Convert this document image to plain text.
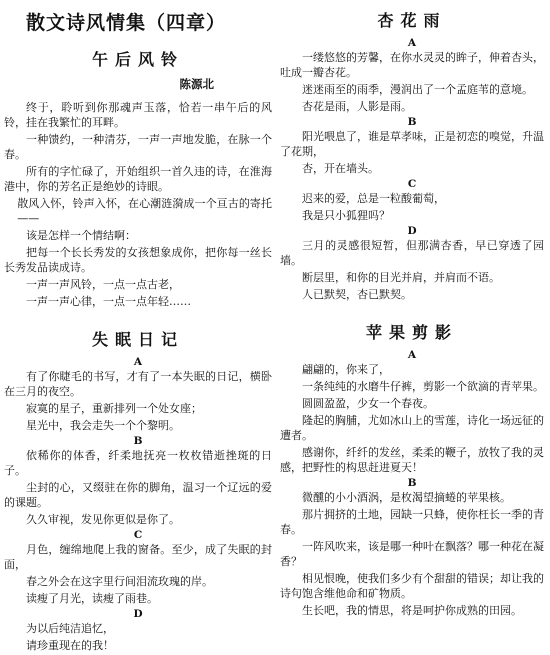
散文诗风情集（四章）
午后风铃
陈源北

终于，聆听到你那魂声玉落，恰若一串午后的风铃，挂在我繁忙的耳畔。

一种馈约，一种清芬，一声一声地发脆，在脉一个春。

所有的字忙碌了，开始组织一首久违的诗，在淮海港中，你的芳名正是绝妙的诗眼。

散风入怀，铃声入怀，在心潮涟漪成一个亘古的寄托——

该是怎样一个情结啊：

把每一个长长秀发的女孩想象成你，把你每一丝长长秀发品读成诗。

一声一声风铃，一点一点古老，

一声一声心律，一点一点年轻……

失眠日记
A

有了你睫毛的书写，才有了一本失眠的日记，横卧在三月的夜空。

寂寞的星子，重新排列一个处女座；

星光中，我会走失一个个黎明。

B

依稀你的体香，纤柔地抚亮一枚枚错逝挫斑的日子。

尘封的心，又缀驻在你的脚角，温习一个辽远的爱的课题。

久久审视，发见你更似是你了。

C

月色，缠绵地爬上我的窗备。至少，成了失眠的封面，

春之外会在这字里行间泪流玫瑰的岸。

读瘦了月光，读瘦了雨巷。

D

为以后纯洁追忆，

请珍重现在的我！

杏花雨
A

一缕悠悠的芳馨，在你水灵灵的眸子，伸着杏头，吐成一瓣杏花。

迷迷雨至的雨季，漫润出了一个孟庭苇的意境。

杏花是雨，人影是雨。

B

阳光喂息了，谁是草孝味，正是初恋的嗅觉，升温了花期，

杏，开在墙头。

C

迟来的爱，总是一粒酸葡萄，

我是只小狐狸吗？

D

三月的灵感很短暂，但那满杏香，早已穿透了园墙。

断层里，和你的目光并肩，并肩而不语。

人已默契，杏已默契。

苹果剪影
A

翩翩的，你来了，

一条纯纯的水磨牛仔裤，剪影一个欲滴的青苹果。

圆圆盈盈，少女一个春夜。

隆起的胸脯，尤如冰山上的雪莲，诗化一场远征的遭者。

感谢你，纤纤的发丝，柔柔的鞭子，放牧了我的灵感，把野性的构思赶进夏天！

B

微醺的小小酒涡，是枚渴望摘蜷的苹果核。

那片拥挤的土地，园缺一只蜂，使你枉长一季的青春。

一阵风吹来，该是哪一种叶在飘落？哪一种花在凝香？

相见恨晚，使我们多少有个甜甜的错误；却让我的诗句饱含维他命和矿物质。

生长吧，我的情思，将是呵护你成熟的田园。
